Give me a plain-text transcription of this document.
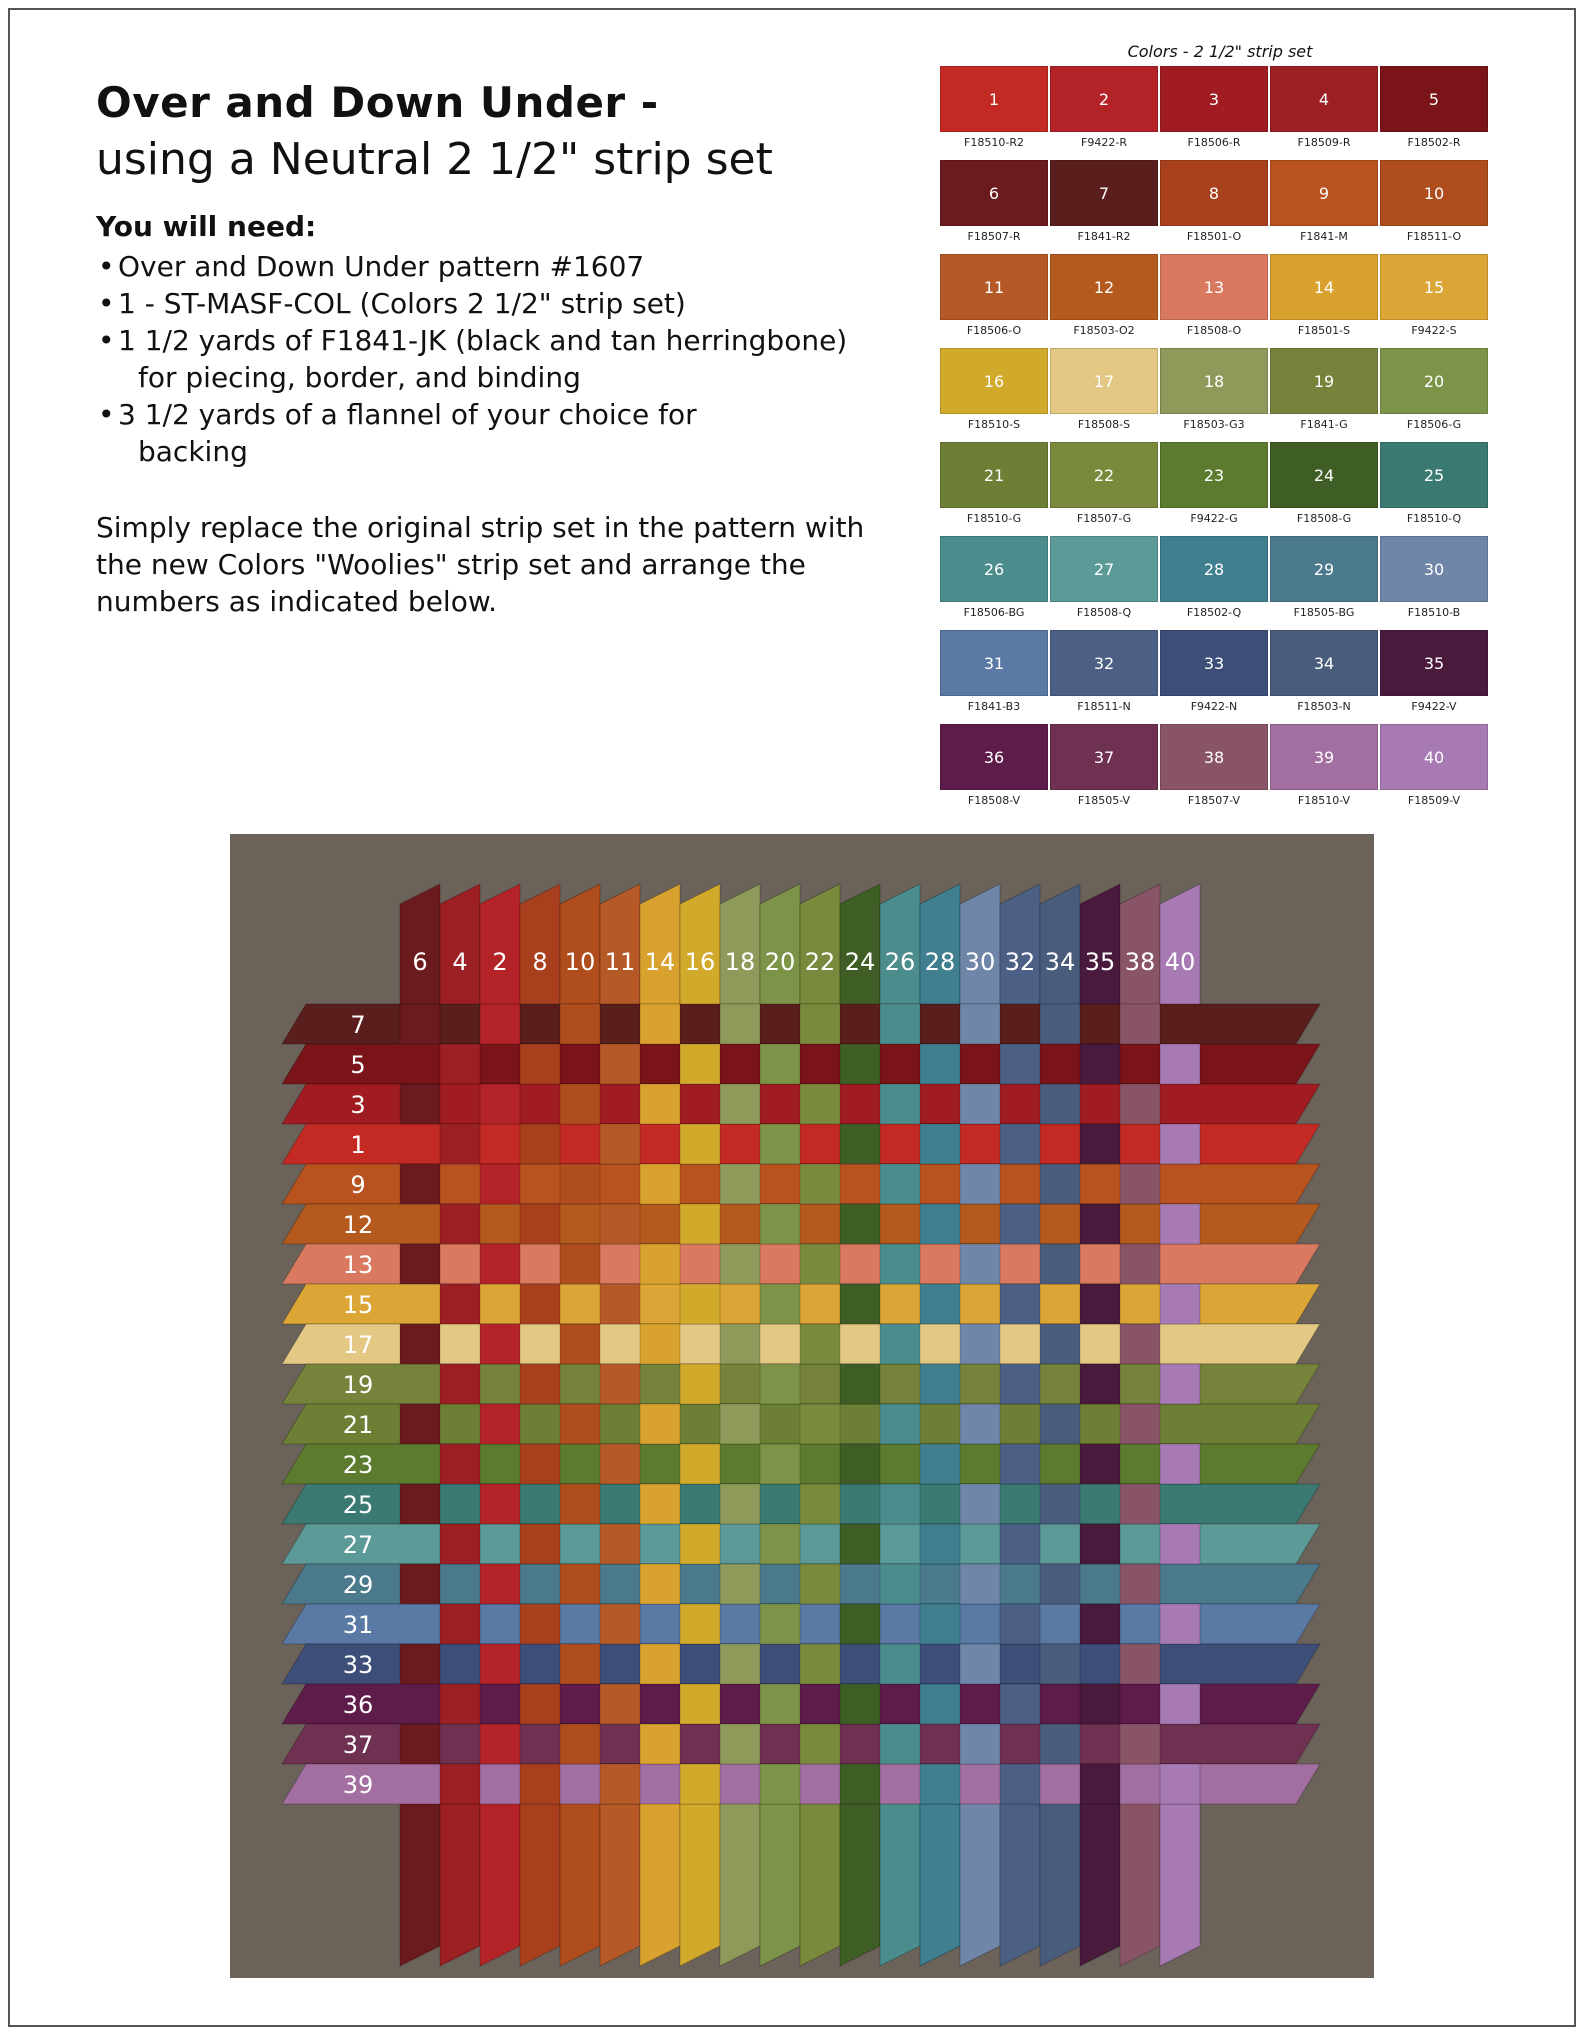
Over and Down Under -
using a Neutral 2 1/2" strip set
You will need:
• Over and Down Under pattern #1607
• 1 - ST-MASF-COL (Colors 2 1/2" strip set)
• 1 1/2 yards of F1841-JK (black and tan herringbone)
for piecing, border, and binding
• 3 1/2 yards of a flannel of your choice for
backing

Simply replace the original strip set in the pattern with the new Colors "Woolies" strip set and arrange the numbers as indicated below.

Colors - 2 1/2" strip set
1
F18510-R2
2
F9422-R
3
F18506-R
4
F18509-R
5
F18502-R
6
F18507-R
7
F1841-R2
8
F18501-O
9
F1841-M
10
F18511-O
11
F18506-O
12
F18503-O2
13
F18508-O
14
F18501-S
15
F9422-S
16
F18510-S
17
F18508-S
18
F18503-G3
19
F1841-G
20
F18506-G
21
F18510-G
22
F18507-G
23
F9422-G
24
F18508-G
25
F18510-Q
26
F18506-BG
27
F18508-Q
28
F18502-Q
29
F18505-BG
30
F18510-B
31
F1841-B3
32
F18511-N
33
F9422-N
34
F18503-N
35
F9422-V
36
F18508-V
37
F18505-V
38
F18507-V
39
F18510-V
40
F18509-V
6 4 2 8 10 11 14 16 18 20 22 24 26 28 30 32 34 35 38 40
7
5
3
1
9
12
13
15
17
19
21
23
25
27
29
31
33
36
37
39
